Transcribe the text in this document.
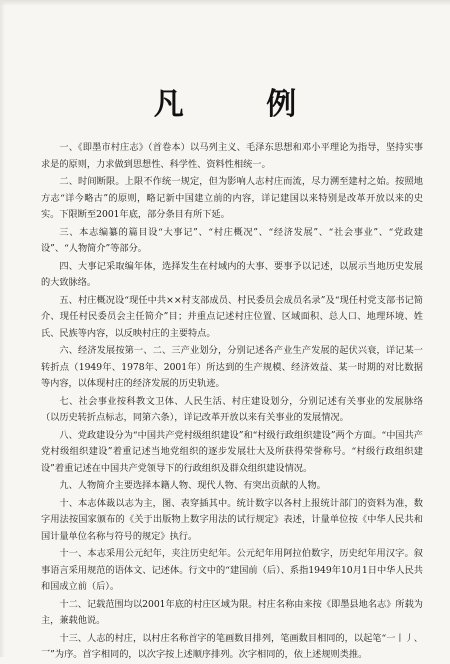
凡 例

一、《即墨市村庄志》（首卷本）以马列主义、毛泽东思想和邓小平理论为指导，坚持实事求是的原则，力求做到思想性、科学性、资料性相统一。

二、时间断限。上限不作统一规定，但为影响人志村庄而流，尽力溯至建村之始。按照地方志“详今略古”的原则，略记新中国建立前的内容，详记建国以来特别是改革开放以来的史实。下限断至2001年底，部分条目有所下延。

三、本志编纂的篇目设“大事记”、“村庄概况”、“经济发展”、“社会事业”、“党政建设”、“人物简介”等部分。

四、大事记采取编年体，选择发生在村域内的大事、要事予以记述，以展示当地历史发展的大致脉络。

五、村庄概况设“现任中共××村支部成员、村民委员会成员名录”及“现任村党支部书记简介、现任村民委员会主任简介”目；并重点记述村庄位置、区域面积、总人口、地理环境、姓氏、民族等内容，以反映村庄的主要特点。

六、经济发展按第一、二、三产业划分，分别记述各产业生产发展的起伏兴衰，详记某一转折点（1949年、1978年、2001年）所达到的生产规模、经济效益、某一时期的对比数据等内容，以体现村庄的经济发展的历史轨迹。

七、社会事业按科教文卫体、人民生活、村庄建设划分，分别记述有关事业的发展脉络（以历史转折点标志，同第六条），详记改革开放以来有关事业的发展情况。

八、党政建设分为“中国共产党村级组织建设”和“村级行政组织建设”两个方面。“中国共产党村级组织建设”着重记述当地党组织的逐步发展壮大及所获得荣誉称号。“村级行政组织建设”着重记述在中国共产党领导下的行政组织及群众组织建设情况。

九、人物简介主要选择本籍人物、现代人物、有突出贡献的人物。

十、本志体裁以志为主，图、表穿插其中。统计数字以各村上报统计部门的资料为准，数字用法按国家颁布的《关于出版物上数字用法的试行规定》表述，计量单位按《中华人民共和国计量单位名称与符号的规定》执行。

十一、本志采用公元纪年，夹注历史纪年。公元纪年用阿拉伯数字，历史纪年用汉字。叙事语言采用规范的语体文、记述体。行文中的“建国前（后）、系指1949年10月1日中华人民共和国成立前（后）。

十二、记载范围均以2001年底的村庄区域为限。村庄名称由来按《即墨县地名志》所载为主，兼载他说。

十三、人志的村庄，以村庄名称首字的笔画数目排列，笔画数目相同的，以起笔“一丨丿、乛”为序。首字相同的，以次字按上述顺序排列。次字相同的，依上述规则类推。
